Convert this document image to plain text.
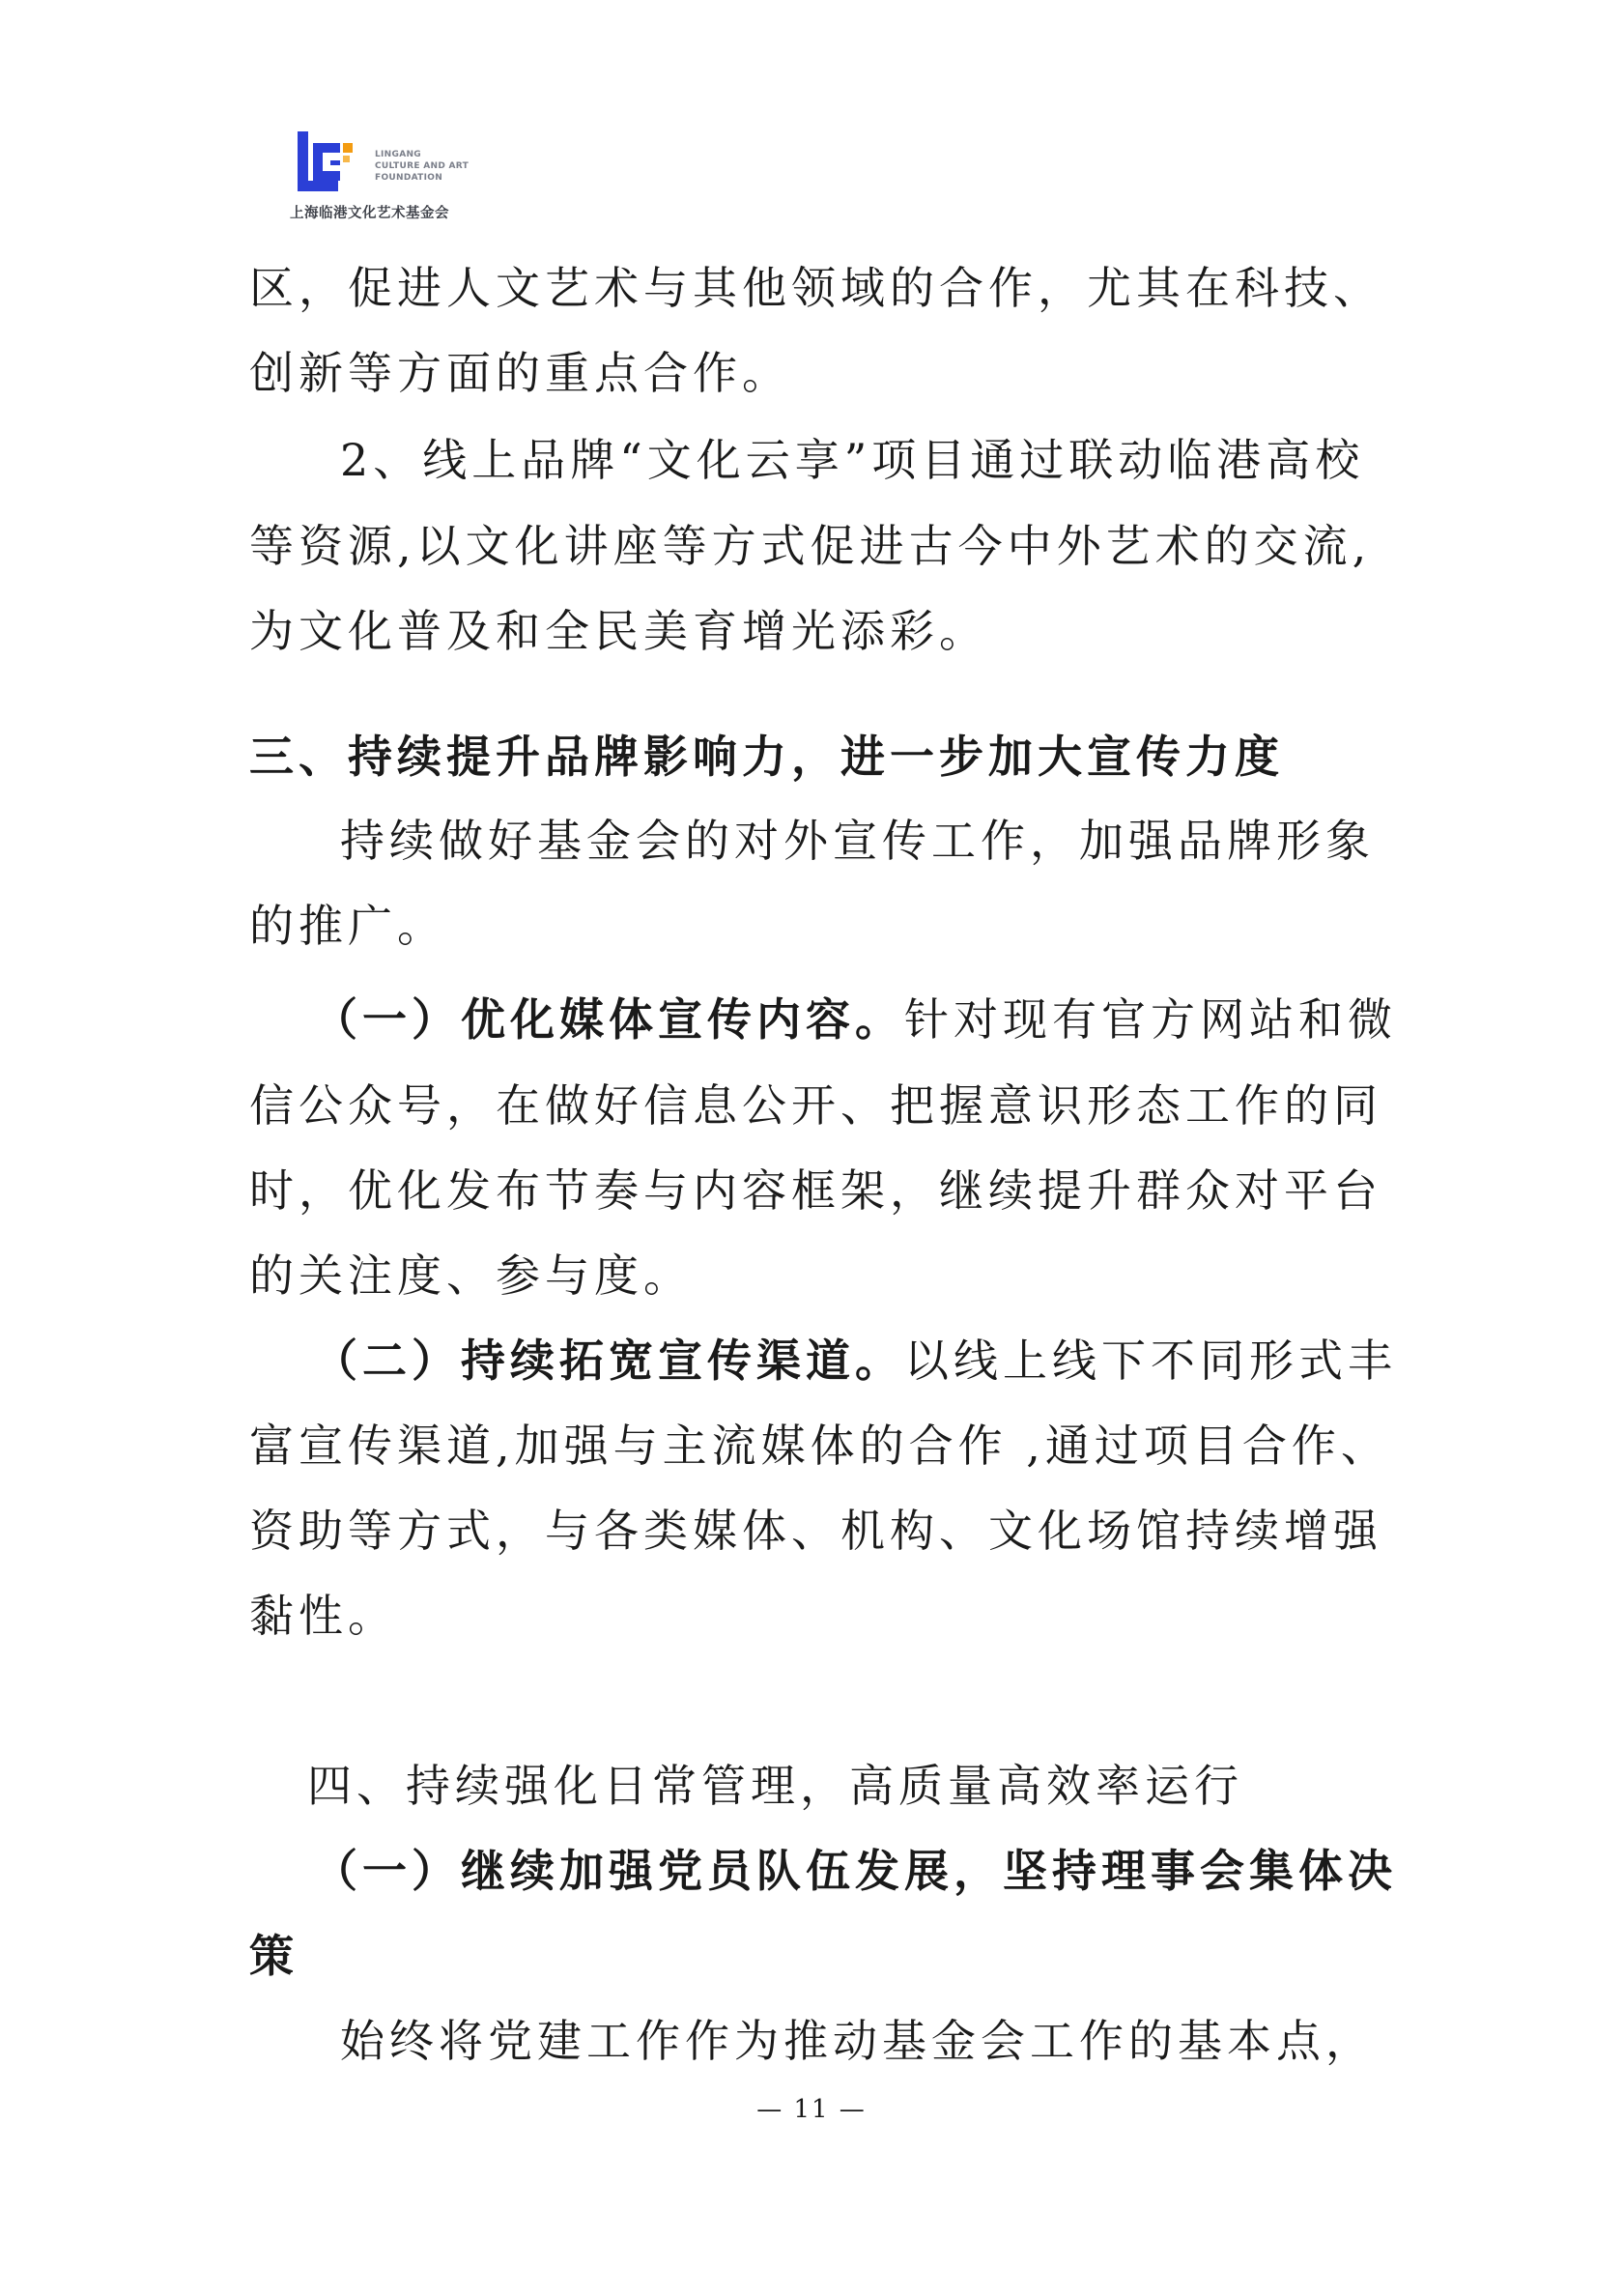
LINGANG
CULTURE AND ART
FOUNDATION
上海临港文化艺术基金会
区，促进人文艺术与其他领域的合作，尤其在科技、
创新等方面的重点合作。
2、线上品牌“文化云享”项目通过联动临港高校
等资源,以文化讲座等方式促进古今中外艺术的交流,
为文化普及和全民美育增光添彩。
三、持续提升品牌影响力，进一步加大宣传力度
持续做好基金会的对外宣传工作，加强品牌形象
的推广。
（一）优化媒体宣传内容。针对现有官方网站和微
信公众号，在做好信息公开、把握意识形态工作的同
时，优化发布节奏与内容框架，继续提升群众对平台
的关注度、参与度。
（二）持续拓宽宣传渠道。以线上线下不同形式丰
富宣传渠道,加强与主流媒体的合作 ,通过项目合作、
资助等方式，与各类媒体、机构、文化场馆持续增强
黏性。
四、持续强化日常管理，高质量高效率运行
（一）继续加强党员队伍发展，坚持理事会集体决
策
始终将党建工作作为推动基金会工作的基本点，
— 11 —
